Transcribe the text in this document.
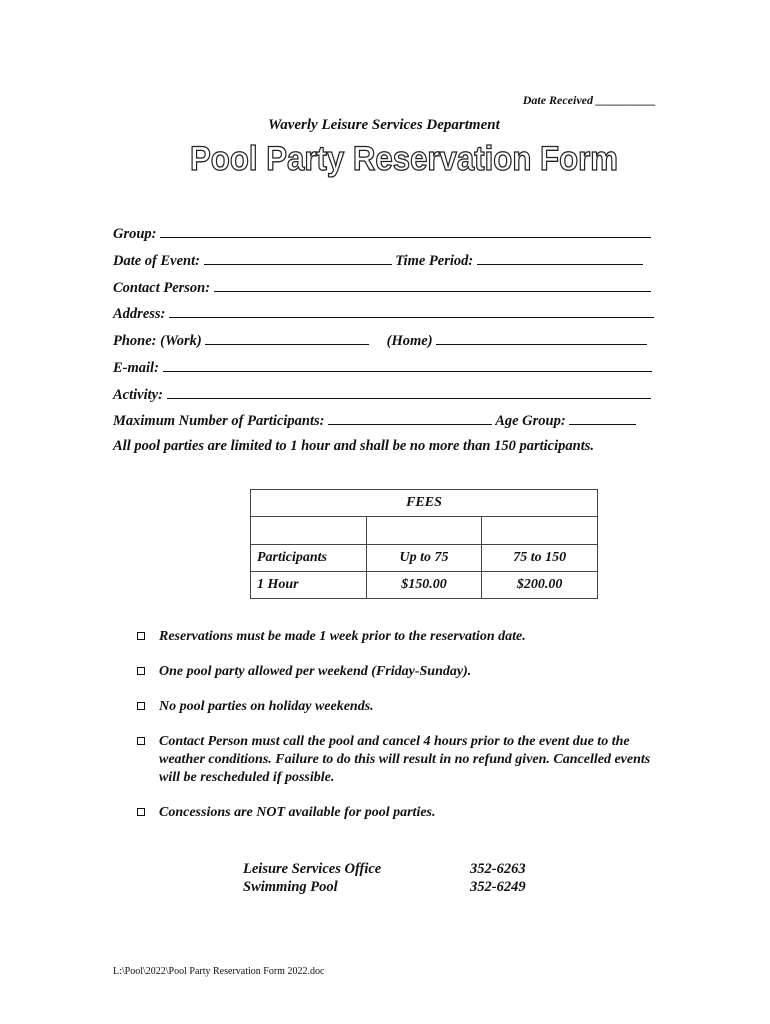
Date Received __________
Waverly Leisure Services Department
Pool Party Reservation Form
Group:
Date of Event:	Time Period:
Contact Person:
Address:
Phone: (Work)	(Home)
E-mail:
Activity:
Maximum Number of Participants:	Age Group:
All pool parties are limited to 1 hour and shall be no more than 150 participants.
FEES		

Participants	Up to 75	75 to 150
1 Hour	$150.00	$200.00
Reservations must be made 1 week prior to the reservation date.
One pool party allowed per weekend (Friday-Sunday).
No pool parties on holiday weekends.
Contact Person must call the pool and cancel 4 hours prior to the event due to the weather conditions. Failure to do this will result in no refund given. Cancelled events will be rescheduled if possible.
Concessions are NOT available for pool parties.
Leisure Services Office	352-6263
Swimming Pool	352-6249
L:\Pool\2022\Pool Party Reservation Form 2022.doc
